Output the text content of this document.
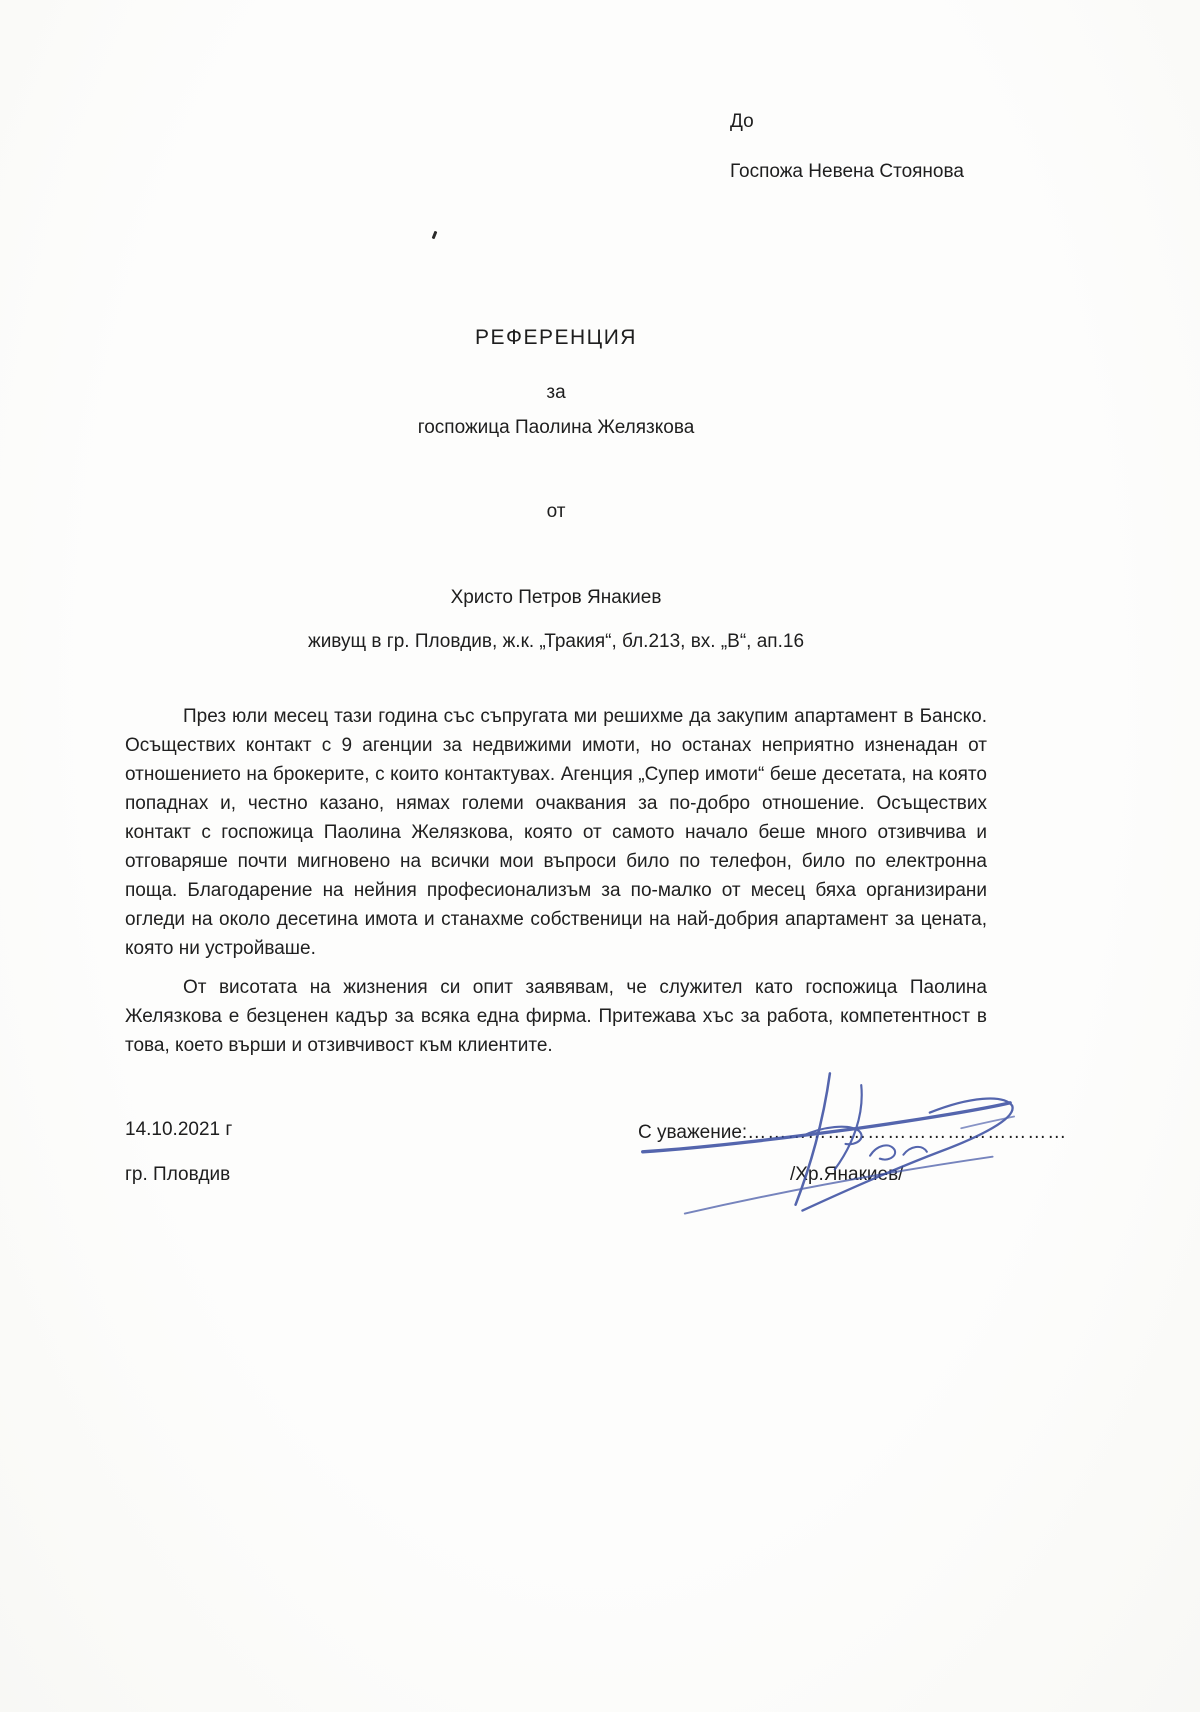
До
Госпожа Невена Стоянова
РЕФЕРЕНЦИЯ
за
госпожица Паолина Желязкова
от
Христо Петров Янакиев
живущ в гр. Пловдив, ж.к. „Тракия“, бл.213, вх. „В“, ап.16

През юли месец тази година със съпругата ми решихме да закупим апартамент в Банско. Осъществих контакт с 9 агенции за недвижими имоти, но останах неприятно изненадан от отношението на брокерите, с които контактувах. Агенция „Супер имоти“ беше десетата, на която попаднах и, честно казано, нямах големи очаквания за по-добро отношение. Осъществих контакт с госпожица Паолина Желязкова, която от самото начало беше много отзивчива и отговаряше почти мигновено на всички мои въпроси било по телефон, било по електронна поща. Благодарение на нейния професионализъм за по-малко от месец бяха организирани огледи на около десетина имота и станахме собственици на най-добрия апартамент за цената, която ни устройваше.

От висотата на жизнения си опит заявявам, че служител като госпожица Паолина Желязкова е безценен кадър за всяка една фирма. Притежава хъс за работа, компетентност в това, което върши и отзивчивост към клиентите.

14.10.2021 г
гр. Пловдив
С уважение:…………………………………………
/Хр.Янакиев/
